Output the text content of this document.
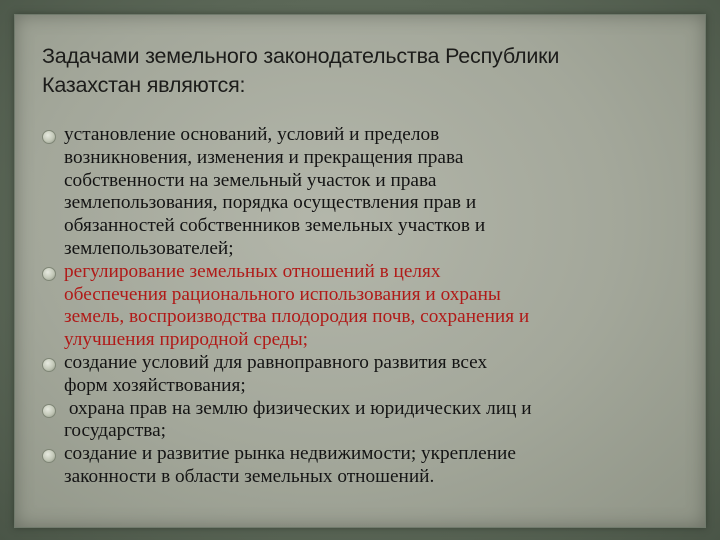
Задачами земельного законодательства Республики
Казахстан являются:
установление оснований, условий и пределов
возникновения, изменения и прекращения права
собственности на земельный участок и права
землепользования, порядка осуществления прав и
обязанностей собственников земельных участков и
землепользователей;
регулирование земельных отношений в целях
обеспечения рационального использования и охраны
земель, воспроизводства плодородия почв, сохранения и
улучшения природной среды;
создание условий для равноправного развития всех
форм хозяйствования;
охрана прав на землю физических и юридических лиц и
государства;
создание и развитие рынка недвижимости; укрепление
законности в области земельных отношений.
